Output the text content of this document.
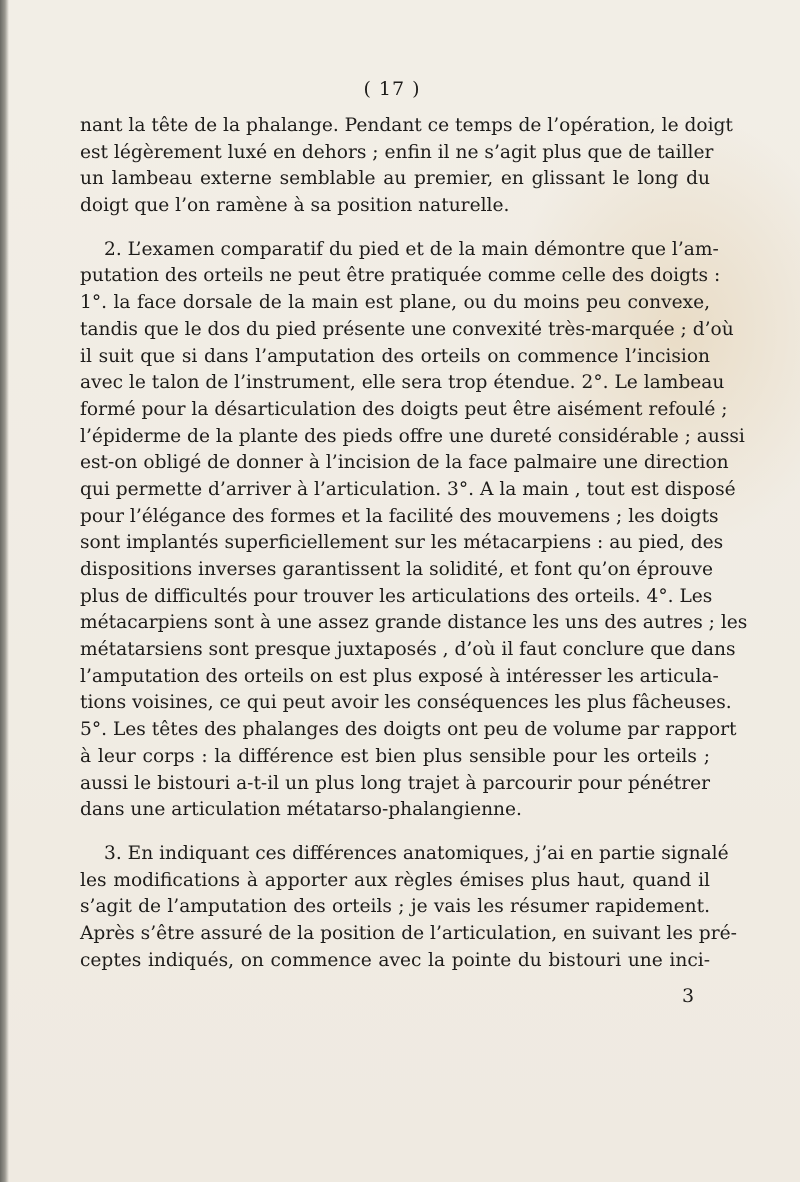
( 17 )
nant la tête de la phalange. Pendant ce temps de l’opération, le doigt
est légèrement luxé en dehors ; enfin il ne s’agit plus que de tailler
un lambeau externe semblable au premier, en glissant le long du
doigt que l’on ramène à sa position naturelle.
2. L’examen comparatif du pied et de la main démontre que l’am-
putation des orteils ne peut être pratiquée comme celle des doigts :
1°. la face dorsale de la main est plane, ou du moins peu convexe,
tandis que le dos du pied présente une convexité très-marquée ; d’où
il suit que si dans l’amputation des orteils on commence l’incision
avec le talon de l’instrument, elle sera trop étendue. 2°. Le lambeau
formé pour la désarticulation des doigts peut être aisément refoulé ;
l’épiderme de la plante des pieds offre une dureté considérable ; aussi
est-on obligé de donner à l’incision de la face palmaire une direction
qui permette d’arriver à l’articulation. 3°. A la main , tout est disposé
pour l’élégance des formes et la facilité des mouvemens ; les doigts
sont implantés superficiellement sur les métacarpiens : au pied, des
dispositions inverses garantissent la solidité, et font qu’on éprouve
plus de difficultés pour trouver les articulations des orteils. 4°. Les
métacarpiens sont à une assez grande distance les uns des autres ; les
métatarsiens sont presque juxtaposés , d’où il faut conclure que dans
l’amputation des orteils on est plus exposé à intéresser les articula-
tions voisines, ce qui peut avoir les conséquences les plus fâcheuses.
5°. Les têtes des phalanges des doigts ont peu de volume par rapport
à leur corps : la différence est bien plus sensible pour les orteils ;
aussi le bistouri a-t-il un plus long trajet à parcourir pour pénétrer
dans une articulation métatarso-phalangienne.
3. En indiquant ces différences anatomiques, j’ai en partie signalé
les modifications à apporter aux règles émises plus haut, quand il
s’agit de l’amputation des orteils ; je vais les résumer rapidement.
Après s’être assuré de la position de l’articulation, en suivant les pré-
ceptes indiqués, on commence avec la pointe du bistouri une inci-
3
